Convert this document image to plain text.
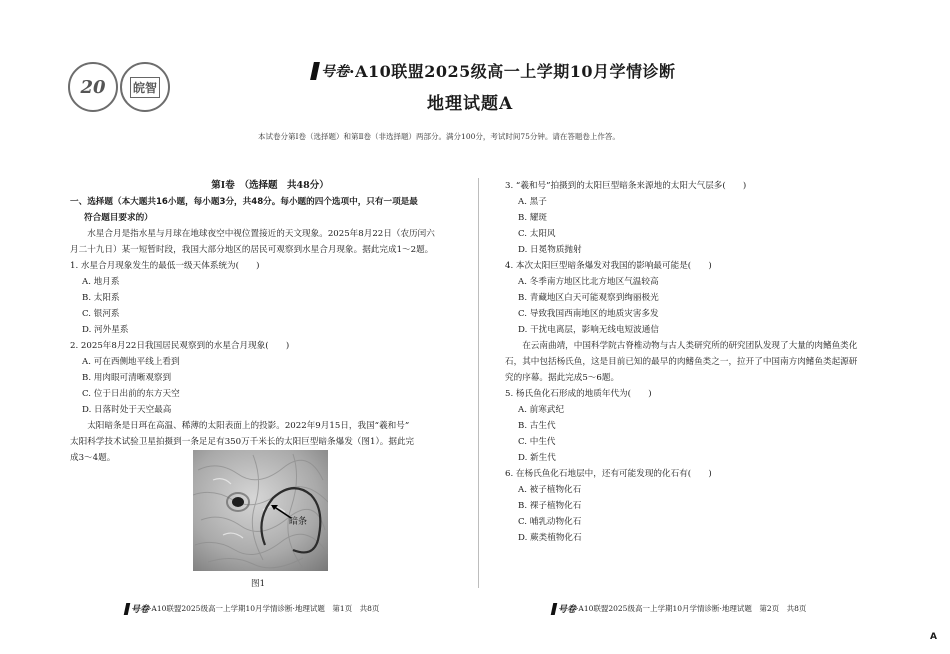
20 皖智
号卷 ·A10联盟2025级高一上学期10月学情诊断
地理试题A
本试卷分第Ⅰ卷（选择题）和第Ⅱ卷（非选择题）两部分。满分100分，考试时间75分钟。请在答题卷上作答。
第Ⅰ卷　（选择题　共48分）
一、选择题（本大题共16小题，每小题3分，共48分。每小题的四个选项中，只有一项是最
符合题目要求的）
水星合月是指水星与月球在地球夜空中视位置接近的天文现象。2025年8月22日（农历闰六
月二十九日）某一短暂时段，我国大部分地区的居民可观察到水星合月现象。据此完成1～2题。
1. 水星合月现象发生的最低一级天体系统为(　　)
A. 地月系
B. 太阳系
C. 银河系
D. 河外星系
2. 2025年8月22日我国居民观察到的水星合月现象(　　)
A. 可在西侧地平线上看到
B. 用肉眼可清晰观察到
C. 位于日出前的东方天空
D. 日落时处于天空最高
太阳暗条是日珥在高温、稀薄的太阳表面上的投影。2022年9月15日，我国“羲和号”
太阳科学技术试验卫星拍摄到一条足足有350万千米长的太阳巨型暗条爆发（图1）。据此完
成3～4题。
暗条
图1
号卷 ·A10联盟2025级高一上学期10月学情诊断·地理试题　第1页　共8页
3. “羲和号”拍摄到的太阳巨型暗条来源地的太阳大气层多(　　)
A. 黑子
B. 耀斑
C. 太阳风
D. 日冕物质抛射
4. 本次太阳巨型暗条爆发对我国的影响最可能是(　　)
A. 冬季南方地区比北方地区气温较高
B. 青藏地区白天可能观察到绚丽极光
C. 导致我国西南地区的地质灾害多发
D. 干扰电离层，影响无线电短波通信
在云南曲靖，中国科学院古脊椎动物与古人类研究所的研究团队发现了大量的肉鳍鱼类化
石，其中包括杨氏鱼，这是目前已知的最早的肉鳍鱼类之一，拉开了中国南方肉鳍鱼类起源研
究的序幕。据此完成5～6题。
5. 杨氏鱼化石形成的地质年代为(　　)
A. 前寒武纪
B. 古生代
C. 中生代
D. 新生代
6. 在杨氏鱼化石地层中，还有可能发现的化石有(　　)
A. 被子植物化石
B. 裸子植物化石
C. 哺乳动物化石
D. 蕨类植物化石
号卷 ·A10联盟2025级高一上学期10月学情诊断·地理试题　第2页　共8页
A
